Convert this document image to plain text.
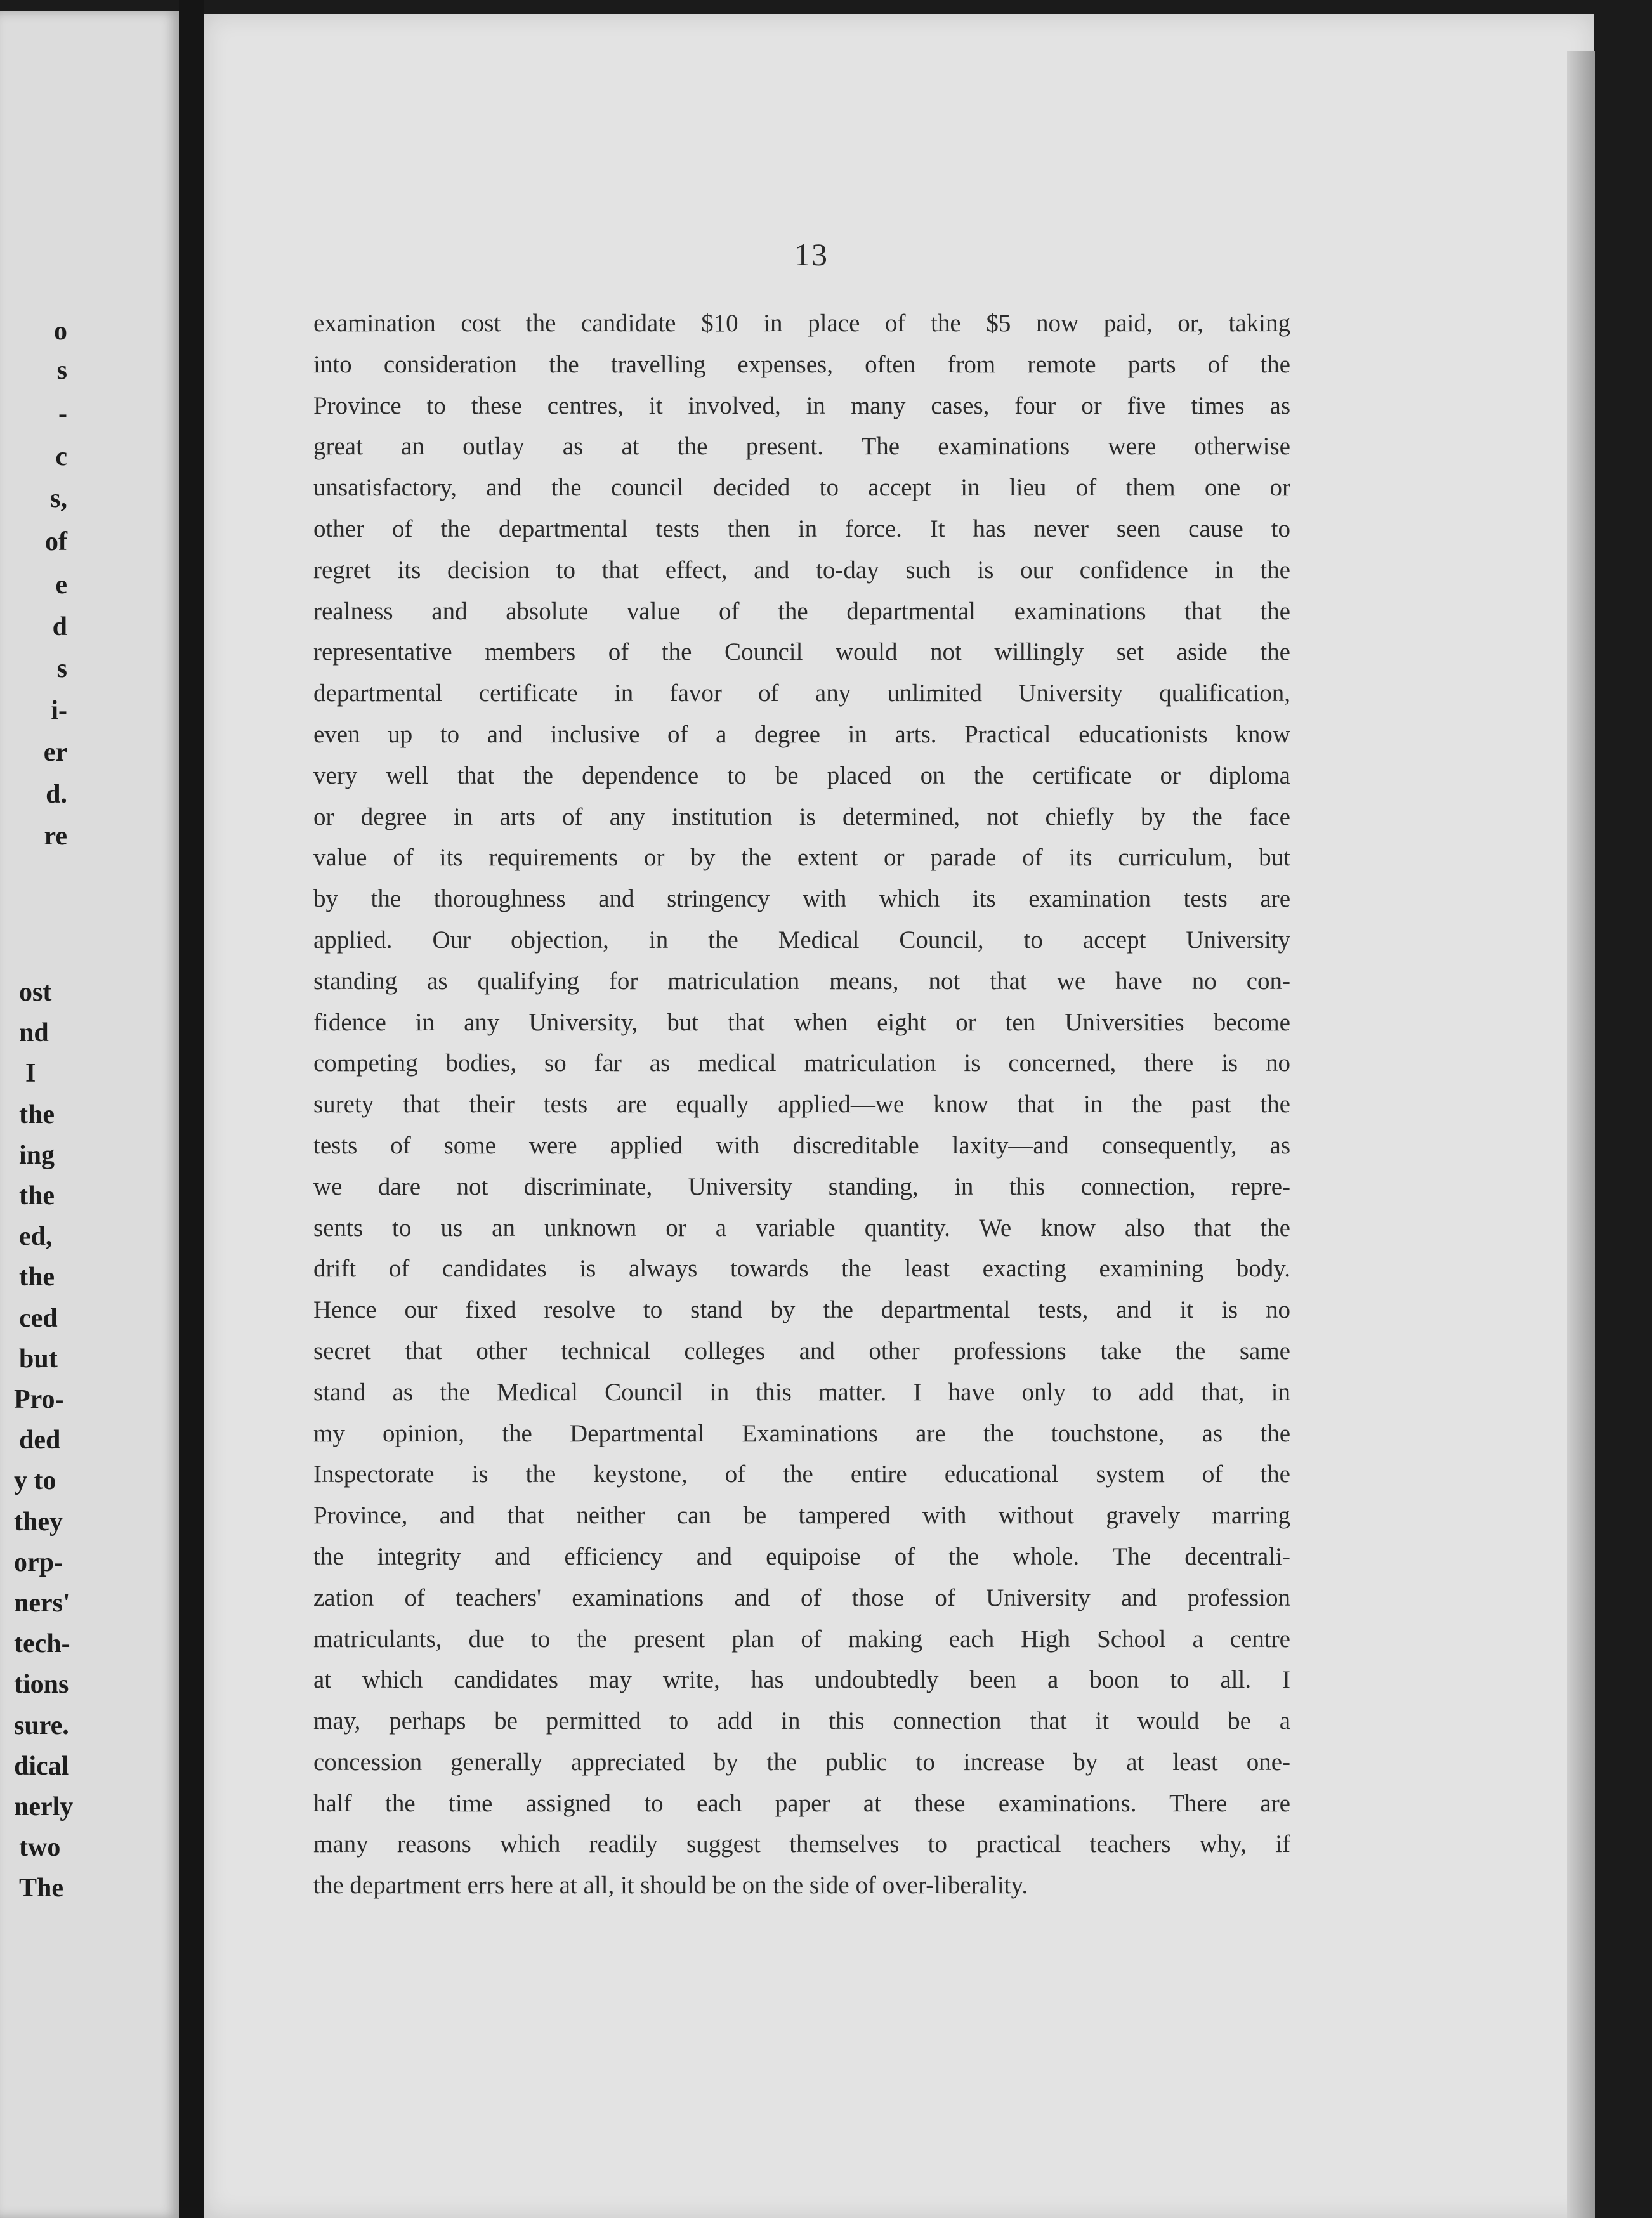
o
s
-
c
s,
of
e
d
s
i-
er
d.
re
ost
nd
I
the
ing
the
ed,
the
ced
but
Pro-
ded
y to
they
orp-
ners'
tech-
tions
sure.
dical
nerly
two
The
13
examination cost the candidate $10 in place of the $5 now paid, or, taking
into consideration the travelling expenses, often from remote parts of the
Province to these centres, it involved, in many cases, four or five times as
great an outlay as at the present. The examinations were otherwise
unsatisfactory, and the council decided to accept in lieu of them one or
other of the departmental tests then in force. It has never seen cause to
regret its decision to that effect, and to-day such is our confidence in the
realness and absolute value of the departmental examinations that the
representative members of the Council would not willingly set aside the
departmental certificate in favor of any unlimited University qualification,
even up to and inclusive of a degree in arts. Practical educationists know
very well that the dependence to be placed on the certificate or diploma
or degree in arts of any institution is determined, not chiefly by the face
value of its requirements or by the extent or parade of its curriculum, but
by the thoroughness and stringency with which its examination tests are
applied. Our objection, in the Medical Council, to accept University
standing as qualifying for matriculation means, not that we have no con-
fidence in any University, but that when eight or ten Universities become
competing bodies, so far as medical matriculation is concerned, there is no
surety that their tests are equally applied—we know that in the past the
tests of some were applied with discreditable laxity—and consequently, as
we dare not discriminate, University standing, in this connection, repre-
sents to us an unknown or a variable quantity. We know also that the
drift of candidates is always towards the least exacting examining body.
Hence our fixed resolve to stand by the departmental tests, and it is no
secret that other technical colleges and other professions take the same
stand as the Medical Council in this matter. I have only to add that, in
my opinion, the Departmental Examinations are the touchstone, as the
Inspectorate is the keystone, of the entire educational system of the
Province, and that neither can be tampered with without gravely marring
the integrity and efficiency and equipoise of the whole. The decentrali-
zation of teachers' examinations and of those of University and profession
matriculants, due to the present plan of making each High School a centre
at which candidates may write, has undoubtedly been a boon to all. I
may, perhaps be permitted to add in this connection that it would be a
concession generally appreciated by the public to increase by at least one-
half the time assigned to each paper at these examinations. There are
many reasons which readily suggest themselves to practical teachers why, if
the department errs here at all, it should be on the side of over-liberality.
